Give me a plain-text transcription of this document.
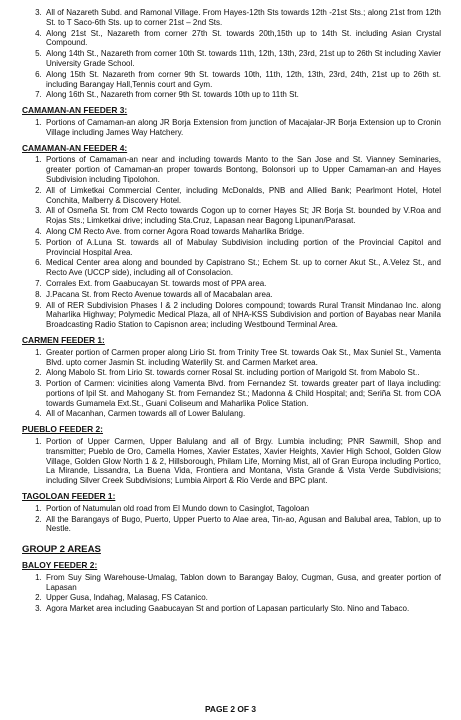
3. All of Nazareth Subd. and Ramonal Village. From Hayes-12th Sts towards 12th -21st Sts.; along 21st from 12th St. to T Saco-6th Sts. up to corner 21st – 2nd Sts.
4. Along 21st St., Nazareth from corner 27th St. towards 20th,15th up to 14th St. including Asian Crystal Compound.
5. Along 14th St., Nazareth from corner 10th St. towards 11th, 12th, 13th, 23rd, 21st up to 26th St including Xavier University Grade School.
6. Along 15th St. Nazareth from corner 9th St. towards 10th, 11th, 12th, 13th, 23rd, 24th, 21st up to 26th st. including Barangay Hall,Tennis court and Gym.
7. Along 16th St., Nazareth from corner 9th St. towards 10th up to 11th St.
CAMAMAN-AN FEEDER 3:
1. Portions of Camaman-an along JR Borja Extension from junction of Macajalar-JR Borja Extension up to Cronin Village including James Way Hatchery.
CAMAMAN-AN FEEDER 4:
1. Portions of Camaman-an near and including towards Manto to the San Jose and St. Vianney Seminaries, greater portion of Camaman-an proper towards Bontong, Bolonsori up to Upper Camaman-an and Hayes Subdivision including Tipolohon.
2. All of Limketkai Commercial Center, including McDonalds, PNB and Allied Bank; Pearlmont Hotel, Hotel Conchita, Malberry & Discovery Hotel.
3. All of Osmeña St. from CM Recto towards Cogon up to corner Hayes St; JR Borja St. bounded by V.Roa and Rojas Sts.; Limketkai drive; including Sta.Cruz, Lapasan near Bagong Lipunan/Parasat.
4. Along CM Recto Ave. from corner Agora Road towards Maharlika Bridge.
5. Portion of A.Luna St. towards all of Mabulay Subdivision including portion of the Provincial Capitol and Provincial Hospital Area.
6. Medical Center area along and bounded by Capistrano St.; Echem St. up to corner Akut St., A.Velez St., and Recto Ave (UCCP side), including all of Consolacion.
7. Corrales Ext. from Gaabucayan St. towards most of PPA area.
8. J.Pacana St. from Recto Avenue towards all of Macabalan area.
9. All of RER Subdivision Phases I & 2 including Dolores compound; towards Rural Transit Mindanao Inc. along Maharlika Highway; Polymedic Medical Plaza, all of NHA-KSS Subdivision and portion of Bayabas near Manila Broadcasting Radio Station to Capisnon area; including Westbound Terminal Area.
CARMEN FEEDER 1:
1. Greater portion of Carmen proper along Lirio St. from Trinity Tree St. towards Oak St., Max Suniel St., Vamenta Blvd. upto corner Jasmin St. including Waterlily St. and Carmen Market area.
2. Along Mabolo St. from Lirio St. towards corner Rosal St. including portion of Marigold St. from Mabolo St..
3. Portion of Carmen: vicinities along Vamenta Blvd. from Fernandez St. towards greater part of Ilaya including: portions of Ipil St. and Mahogany St. from Fernandez St.; Madonna & Child Hospital; and; Seriña St. from COA towards Gumamela Ext.St., Guani Coliseum and Maharlika Police Station.
4. All of Macanhan, Carmen towards all of Lower Balulang.
PUEBLO FEEDER 2:
1. Portion of Upper Carmen, Upper Balulang and all of Brgy. Lumbia including; PNR Sawmill, Shop and transmitter; Pueblo de Oro, Camella Homes, Xavier Estates, Xavier Heights, Xavier High School, Golden Glow Village, Golden Glow North 1 & 2, Hillsborough, Philam Life, Morning Mist, all of Gran Europa including Portico, La Mirande, Lissandra, La Buena Vida, Frontiera and Montana, Vista Grande & Vista Verde Subdivisions; including Silver Creek Subdivisions; Lumbia Airport & Rio Verde and BPC plant.
TAGOLOAN FEEDER 1:
1. Portion of Natumulan old road from El Mundo down to Casinglot, Tagoloan
2. All the Barangays of Bugo, Puerto, Upper Puerto to Alae area, Tin-ao, Agusan and Balubal area, Tablon, up to Nestle.
GROUP 2 AREAS
BALOY FEEDER 2:
1. From Suy Sing Warehouse-Umalag, Tablon down to Barangay Baloy, Cugman, Gusa, and greater portion of Lapasan
2. Upper Gusa, Indahag, Malasag, FS Catanico.
3. Agora Market area including Gaabucayan St and portion of Lapasan particularly Sto. Nino and Tabaco.
PAGE 2 OF 3
